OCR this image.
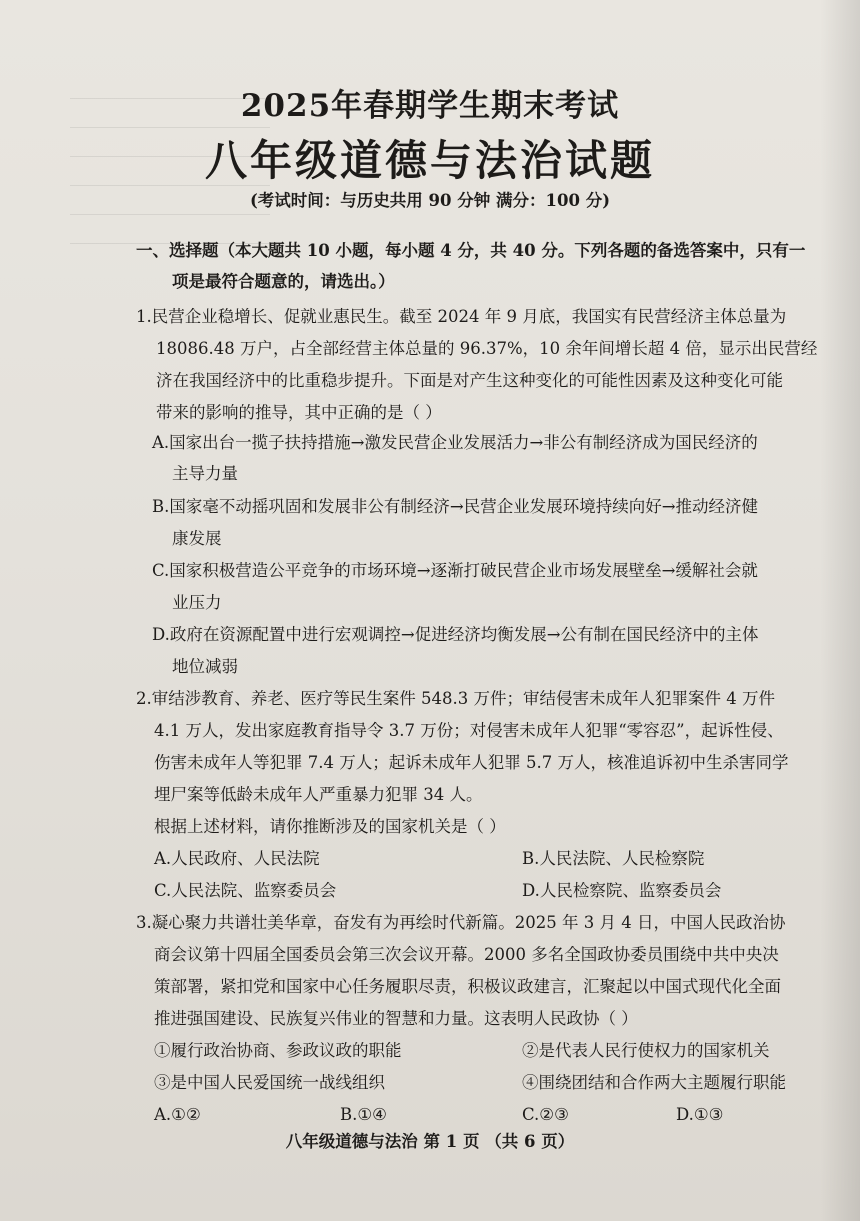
2025年春期学生期末考试
八年级道德与法治试题
(考试时间：与历史共用 90 分钟 满分：100 分)
一、选择题（本大题共 10 小题，每小题 4 分，共 40 分。下列各题的备选答案中，只有一
项是最符合题意的，请选出。）
1.民营企业稳增长、促就业惠民生。截至 2024 年 9 月底，我国实有民营经济主体总量为
18086.48 万户，占全部经营主体总量的 96.37%，10 余年间增长超 4 倍，显示出民营经
济在我国经济中的比重稳步提升。下面是对产生这种变化的可能性因素及这种变化可能
带来的影响的推导，其中正确的是（ ）
A.国家出台一揽子扶持措施→激发民营企业发展活力→非公有制经济成为国民经济的
主导力量
B.国家毫不动摇巩固和发展非公有制经济→民营企业发展环境持续向好→推动经济健
康发展
C.国家积极营造公平竞争的市场环境→逐渐打破民营企业市场发展壁垒→缓解社会就
业压力
D.政府在资源配置中进行宏观调控→促进经济均衡发展→公有制在国民经济中的主体
地位减弱
2.审结涉教育、养老、医疗等民生案件 548.3 万件；审结侵害未成年人犯罪案件 4 万件
4.1 万人，发出家庭教育指导令 3.7 万份；对侵害未成年人犯罪“零容忍”，起诉性侵、
伤害未成年人等犯罪 7.4 万人；起诉未成年人犯罪 5.7 万人，核准追诉初中生杀害同学
埋尸案等低龄未成年人严重暴力犯罪 34 人。
根据上述材料，请你推断涉及的国家机关是（ ）
A.人民政府、人民法院	B.人民法院、人民检察院
C.人民法院、监察委员会	D.人民检察院、监察委员会
3.凝心聚力共谱壮美华章，奋发有为再绘时代新篇。2025 年 3 月 4 日，中国人民政治协
商会议第十四届全国委员会第三次会议开幕。2000 多名全国政协委员围绕中共中央决
策部署，紧扣党和国家中心任务履职尽责，积极议政建言，汇聚起以中国式现代化全面
推进强国建设、民族复兴伟业的智慧和力量。这表明人民政协（ ）
①履行政治协商、参政议政的职能	②是代表人民行使权力的国家机关
③是中国人民爱国统一战线组织	④围绕团结和合作两大主题履行职能
A.①②	B.①④	C.②③	D.①③
八年级道德与法治 第 1 页 （共 6 页）
